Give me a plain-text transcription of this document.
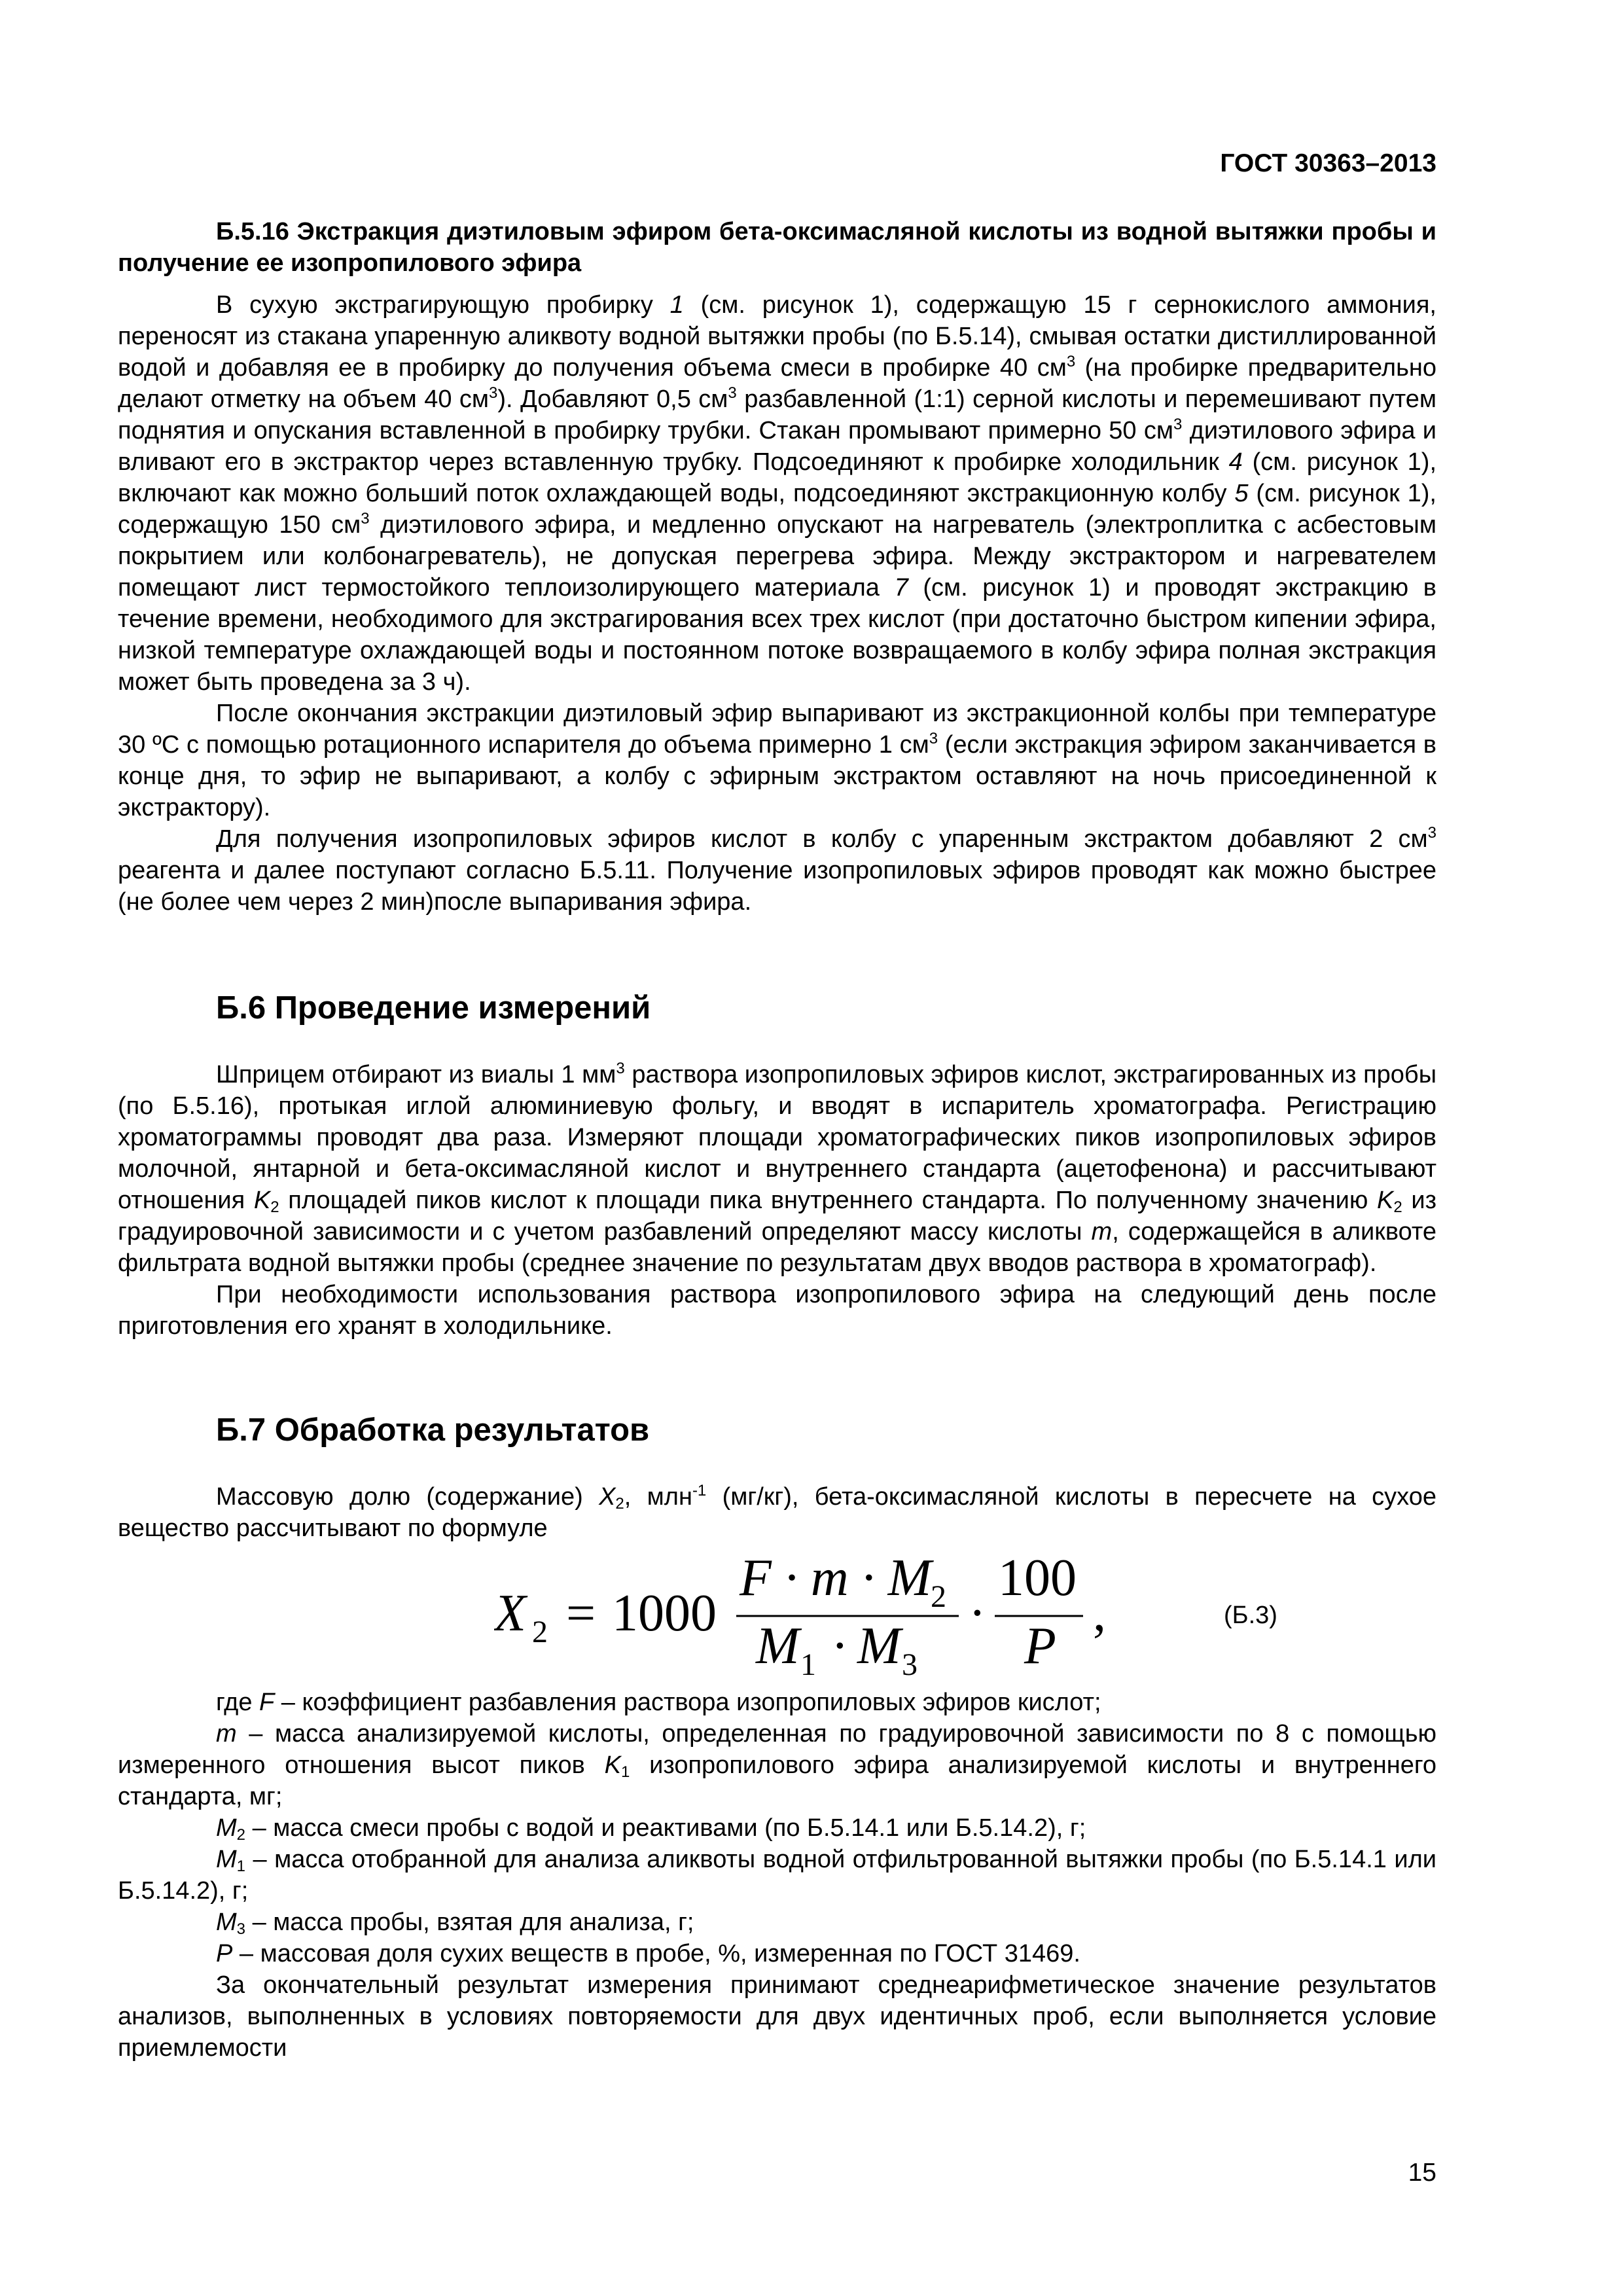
ГОСТ 30363–2013

Б.5.16 Экстракция диэтиловым эфиром бета-оксимасляной кислоты из водной вытяжки пробы и получение ее изопропилового эфира

В сухую экстрагирующую пробирку 1 (см. рисунок 1), содержащую 15 г сернокислого аммония, переносят из стакана упаренную аликвоту водной вытяжки пробы (по Б.5.14), смывая остатки дистиллированной водой и добавляя ее в пробирку до получения объема смеси в пробирке 40 $см^3$ (на пробирке предварительно делают отметку на объем 40 $см^3$). Добавляют 0,5 $см^3$ разбавленной (1:1) серной кислоты и перемешивают путем поднятия и опускания вставленной в пробирку трубки. Стакан промывают примерно 50 $см^3$ диэтилового эфира и вливают его в экстрактор через вставленную трубку. Подсоединяют к пробирке холодильник 4 (см. рисунок 1), включают как можно больший поток охлаждающей воды, подсоединяют экстракционную колбу 5 (см. рисунок 1), содержащую 150 $см^3$ диэтилового эфира, и медленно опускают на нагреватель (электроплитка с асбестовым покрытием или колбонагреватель), не допуская перегрева эфира. Между экстрактором и нагревателем помещают лист термостойкого теплоизолирующего материала 7 (см. рисунок 1) и проводят экстракцию в течение времени, необходимого для экстрагирования всех трех кислот (при достаточно быстром кипении эфира, низкой температуре охлаждающей воды и постоянном потоке возвращаемого в колбу эфира полная экстракция может быть проведена за 3 ч).

После окончания экстракции диэтиловый эфир выпаривают из экстракционной колбы при температуре 30 ºС с помощью ротационного испарителя до объема примерно 1 $см^3$ (если экстракция эфиром заканчивается в конце дня, то эфир не выпаривают, а колбу с эфирным экстрактом оставляют на ночь присоединенной к экстрактору).

Для получения изопропиловых эфиров кислот в колбу с упаренным экстрактом добавляют 2 $см^3$ реагента и далее поступают согласно Б.5.11. Получение изопропиловых эфиров проводят как можно быстрее (не более чем через 2 мин)после выпаривания эфира.

Б.6 Проведение измерений

Шприцем отбирают из виалы 1 $мм^3$ раствора изопропиловых эфиров кислот, экстрагированных из пробы (по Б.5.16), протыкая иглой алюминиевую фольгу, и вводят в испаритель хроматографа. Регистрацию хроматограммы проводят два раза. Измеряют площади хроматографических пиков изопропиловых эфиров молочной, янтарной и бета-оксимасляной кислот и внутреннего стандарта (ацетофенона) и рассчитывают отношения $K_2$ площадей пиков кислот к площади пика внутреннего стандарта. По полученному значению $K_2$ из градуировочной зависимости и с учетом разбавлений определяют массу кислоты m, содержащейся в аликвоте фильтрата водной вытяжки пробы (среднее значение по результатам двух вводов раствора в хроматограф).

При необходимости использования раствора изопропилового эфира на следующий день после приготовления его хранят в холодильнике.

Б.7 Обработка результатов

Массовую долю (содержание) $X_2$, млн$^{-1}$ (мг/кг), бета-оксимасляной кислоты в пересчете на сухое вещество рассчитывают по формуле

X 2 = 1000
F · m · M
2
M 1 · M 3
·
100
P
,	(Б.3)

где F – коэффициент разбавления раствора изопропиловых эфиров кислот;

m – масса анализируемой кислоты, определенная по градуировочной зависимости по 8 с помощью измеренного отношения высот пиков $K_1$ изопропилового эфира анализируемой кислоты и внутреннего стандарта, мг;

$M_2$ – масса смеси пробы с водой и реактивами (по Б.5.14.1 или Б.5.14.2), г;

$M_1$ – масса отобранной для анализа аликвоты водной отфильтрованной вытяжки пробы (по Б.5.14.1 или Б.5.14.2), г;

$M_3$ – масса пробы, взятая для анализа, г;

P – массовая доля сухих веществ в пробе, %, измеренная по ГОСТ 31469.

За окончательный результат измерения принимают среднеарифметическое значение результатов анализов, выполненных в условиях повторяемости для двух идентичных проб, если выполняется условие приемлемости

15
